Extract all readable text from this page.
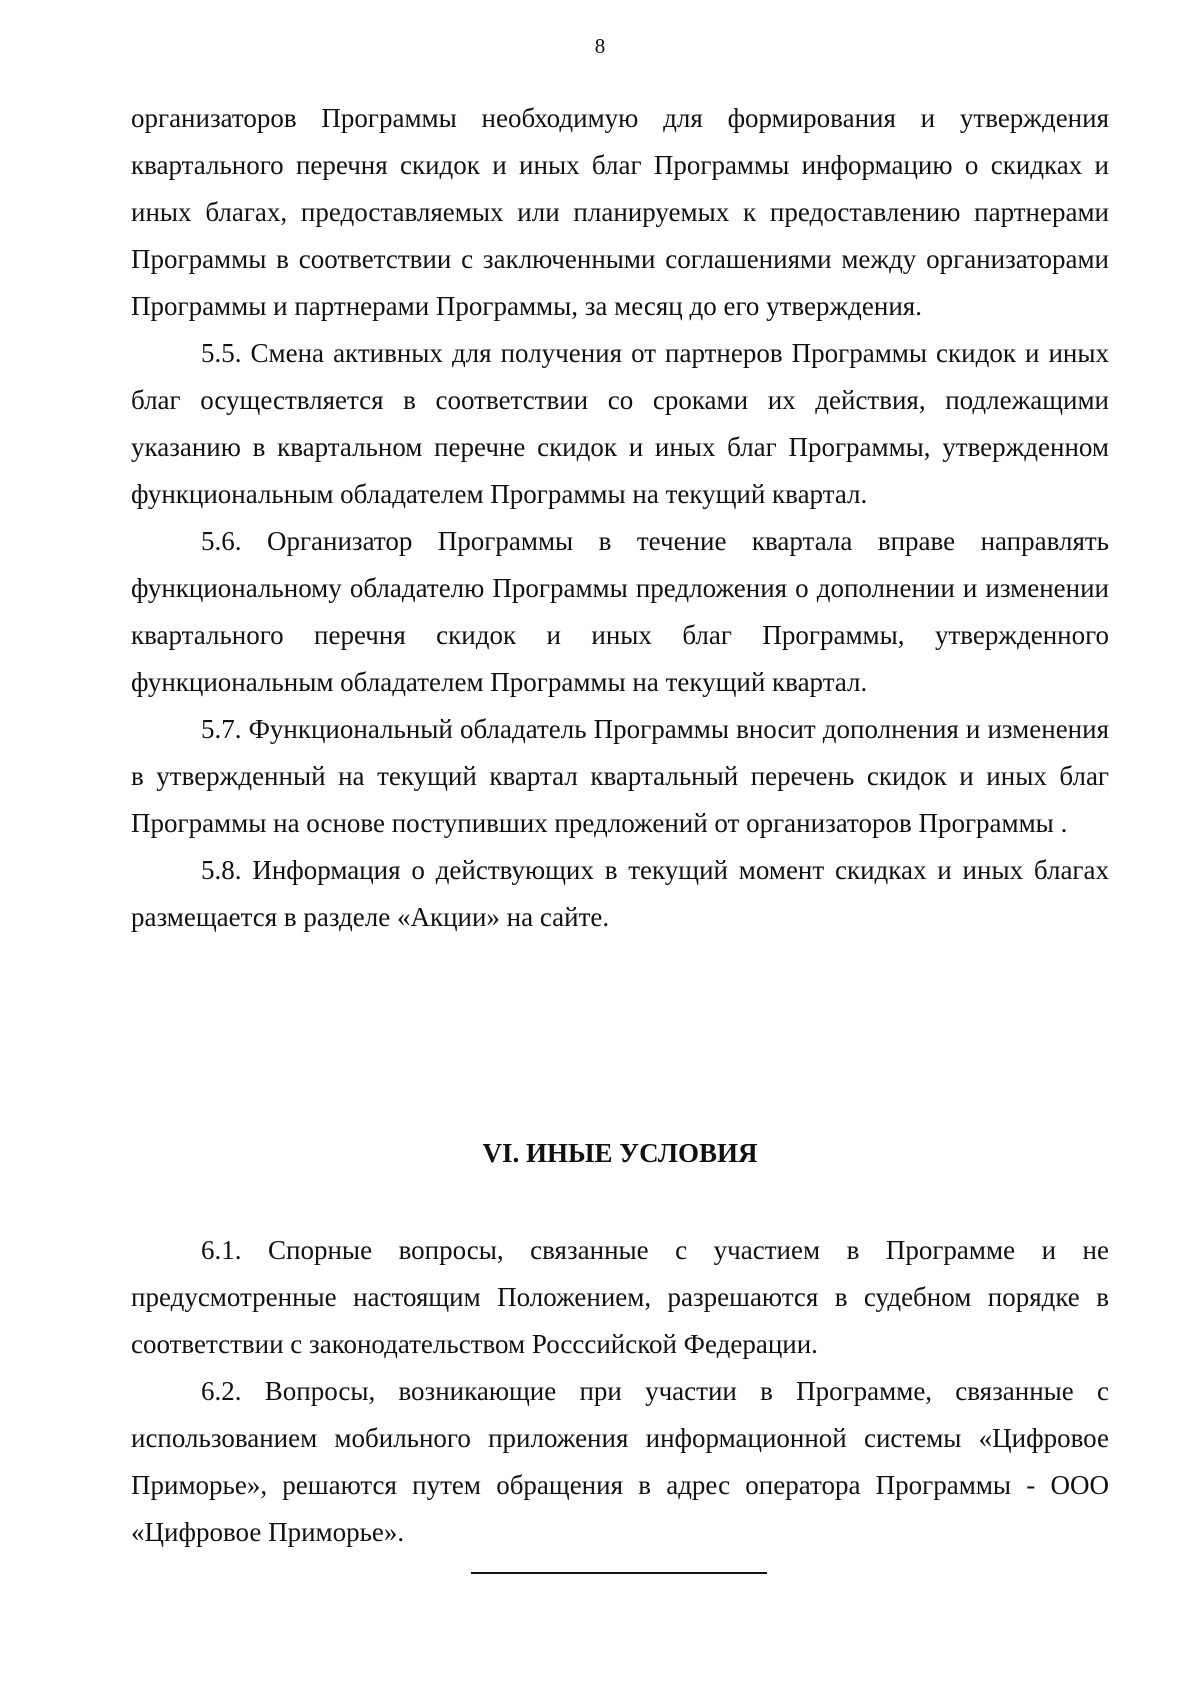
8

организаторов Программы необходимую для формирования и утверждения квартального перечня скидок и иных благ Программы информацию о скидках и иных благах, предоставляемых или планируемых к предоставлению партнерами Программы в соответствии с заключенными соглашениями между организаторами Программы и партнерами Программы, за месяц до его утверждения.

5.5. Смена активных для получения от партнеров Программы скидок и иных благ осуществляется в соответствии со сроками их действия, подлежащими указанию в квартальном перечне скидок и иных благ Программы, утвержденном функциональным обладателем Программы на текущий квартал.

5.6. Организатор Программы в течение квартала вправе направлять функциональному обладателю Программы предложения о дополнении и изменении квартального перечня скидок и иных благ Программы, утвержденного функциональным обладателем Программы на текущий квартал.

5.7. Функциональный обладатель Программы вносит дополнения и изменения в утвержденный на текущий квартал квартальный перечень скидок и иных благ Программы на основе поступивших предложений от организаторов Программы .

5.8. Информация о действующих в текущий момент скидках и иных благах размещается в разделе «Акции» на сайте.

VI. ИНЫЕ УСЛОВИЯ

6.1. Спорные вопросы, связанные с участием в Программе и не предусмотренные настоящим Положением, разрешаются в судебном порядке в соответствии с законодательством Росссийской Федерации.

6.2. Вопросы, возникающие при участии в Программе, связанные с использованием мобильного приложения информационной системы «Цифровое Приморье», решаются путем обращения в адрес оператора Программы - ООО «Цифровое Приморье».
